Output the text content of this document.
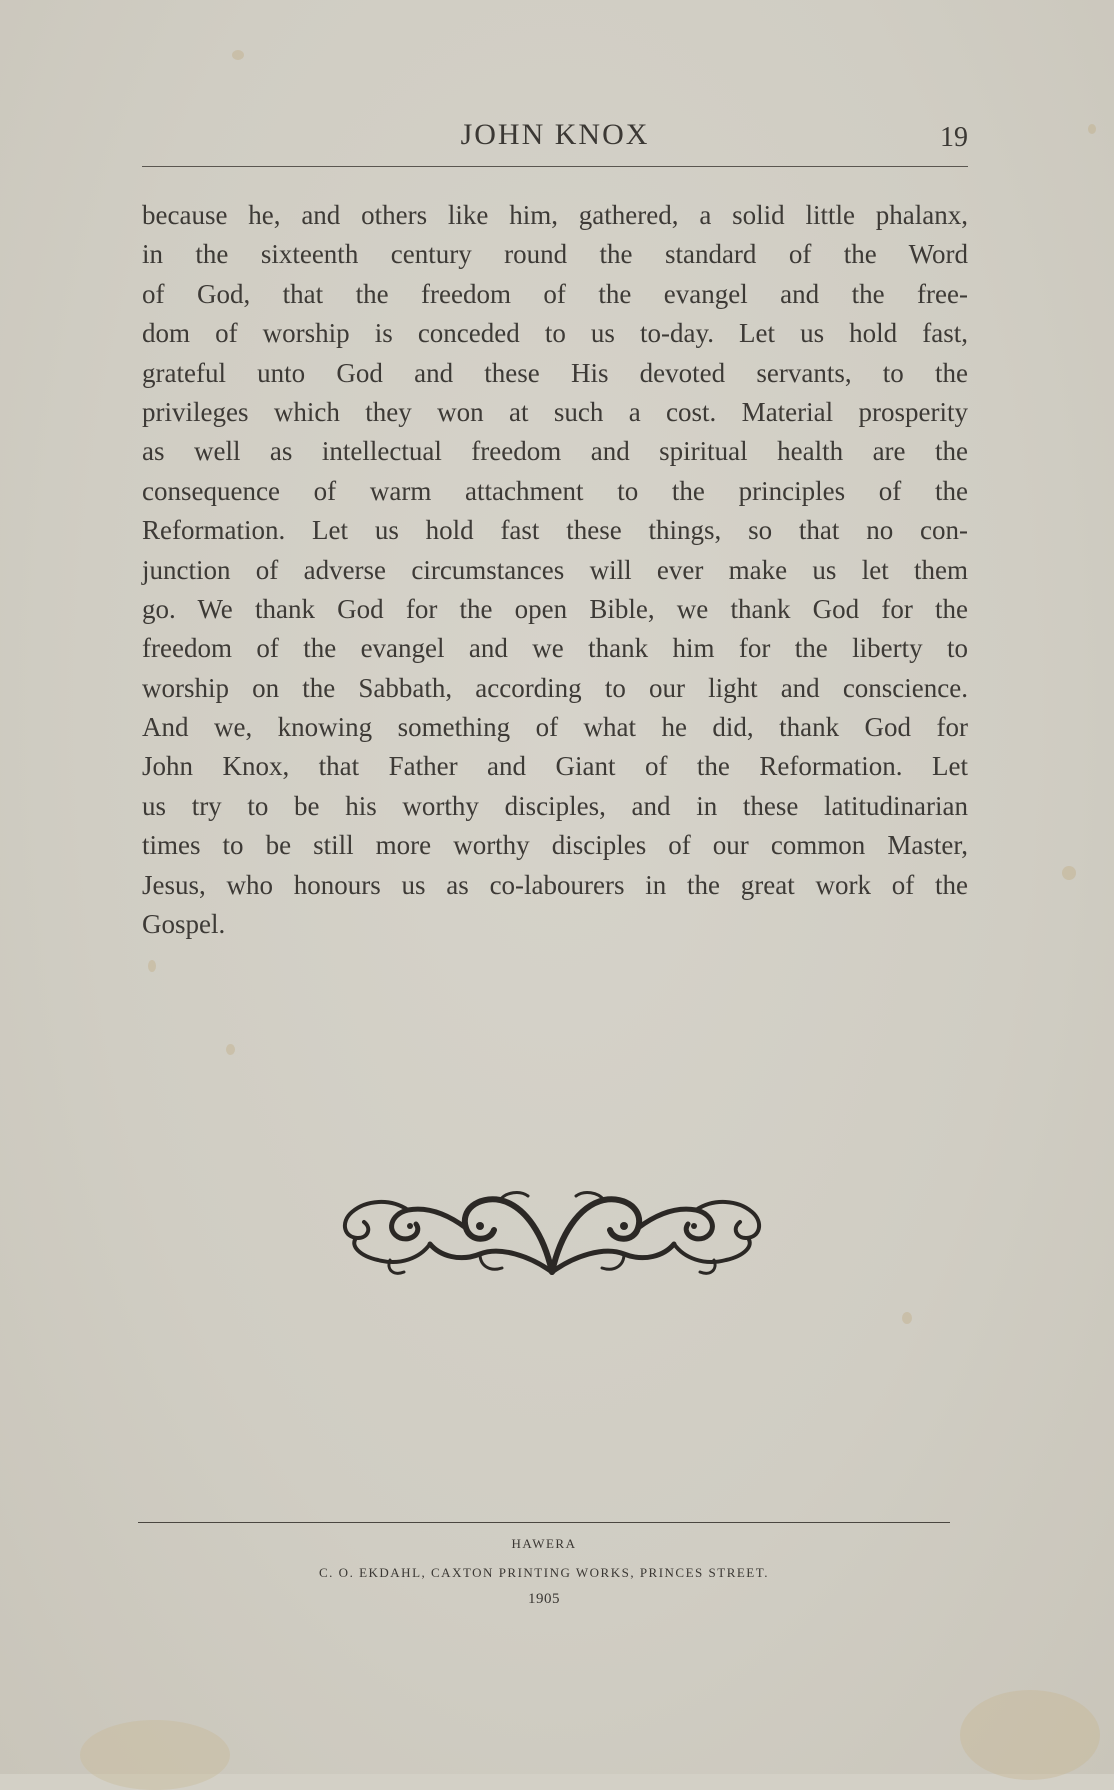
JOHN KNOX	19
because he, and others like him, gathered, a solid little phalanx,
in the sixteenth century round the standard of the Word
of God, that the freedom of the evangel and the free-
dom of worship is conceded to us to-day. Let us hold fast,
grateful unto God and these His devoted servants, to the
privileges which they won at such a cost. Material prosperity
as well as intellectual freedom and spiritual health are the
consequence of warm attachment to the principles of the
Reformation. Let us hold fast these things, so that no con-
junction of adverse circumstances will ever make us let them
go. We thank God for the open Bible, we thank God for the
freedom of the evangel and we thank him for the liberty to
worship on the Sabbath, according to our light and conscience.
And we, knowing something of what he did, thank God for
John Knox, that Father and Giant of the Reformation. Let
us try to be his worthy disciples, and in these latitudinarian
times to be still more worthy disciples of our common Master,
Jesus, who honours us as co-labourers in the great work of the
Gospel.
HAWERA
C. O. EKDAHL, CAXTON PRINTING WORKS, PRINCES STREET.
1905
